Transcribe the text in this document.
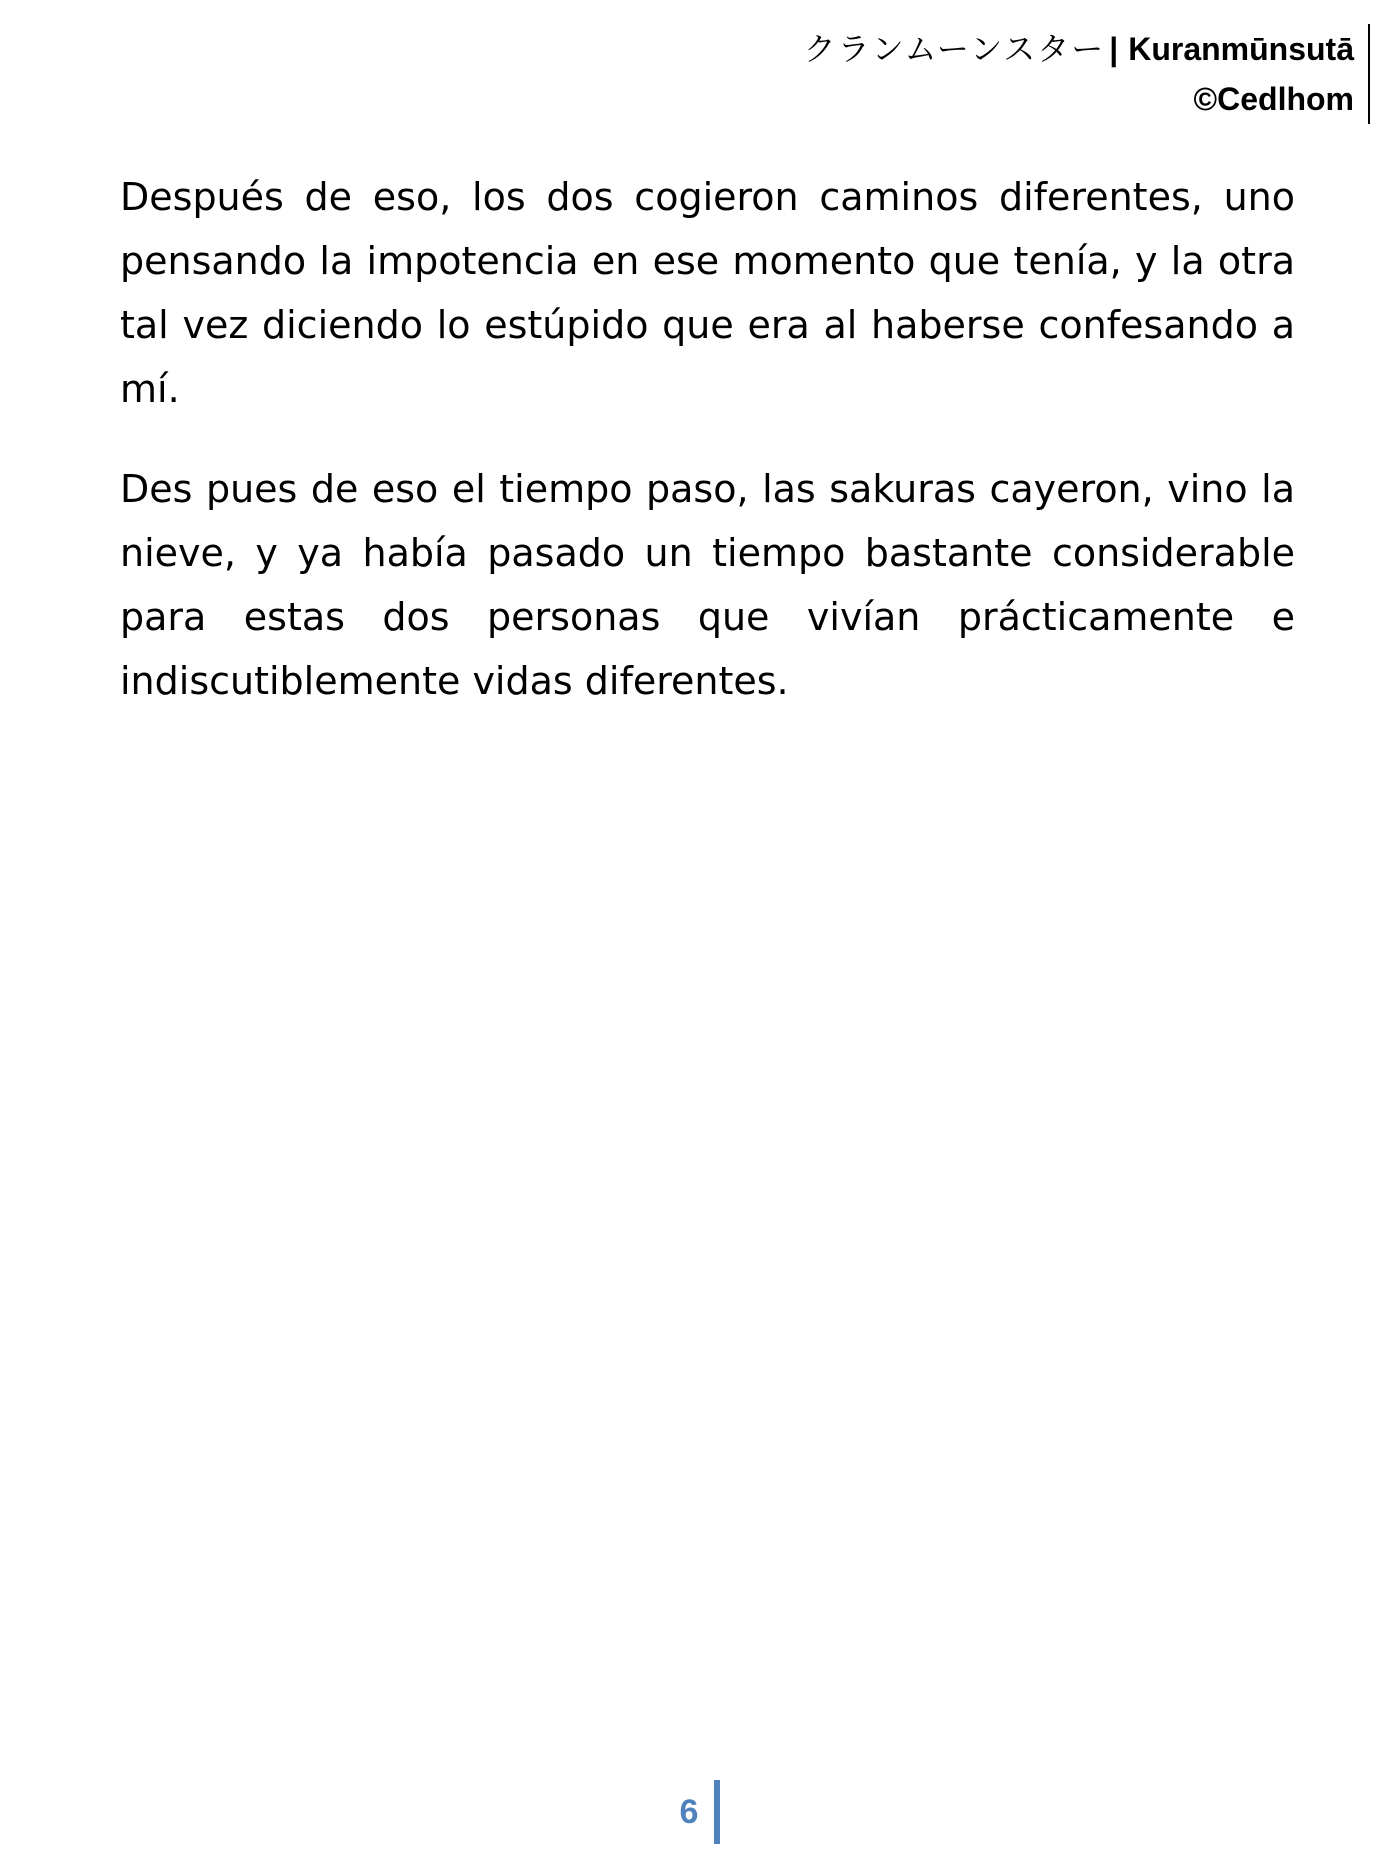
クランムーンスター | Kuranmūnsutā
©Cedlhom

Después de eso, los dos cogieron caminos diferentes, uno pensando la impotencia en ese momento que tenía, y la otra tal vez diciendo lo estúpido que era al haberse confesando a mí.

Des pues de eso el tiempo paso, las sakuras cayeron, vino la nieve, y ya había pasado un tiempo bastante considerable para estas dos personas que vivían prácticamente e indiscutiblemente vidas diferentes.

6
